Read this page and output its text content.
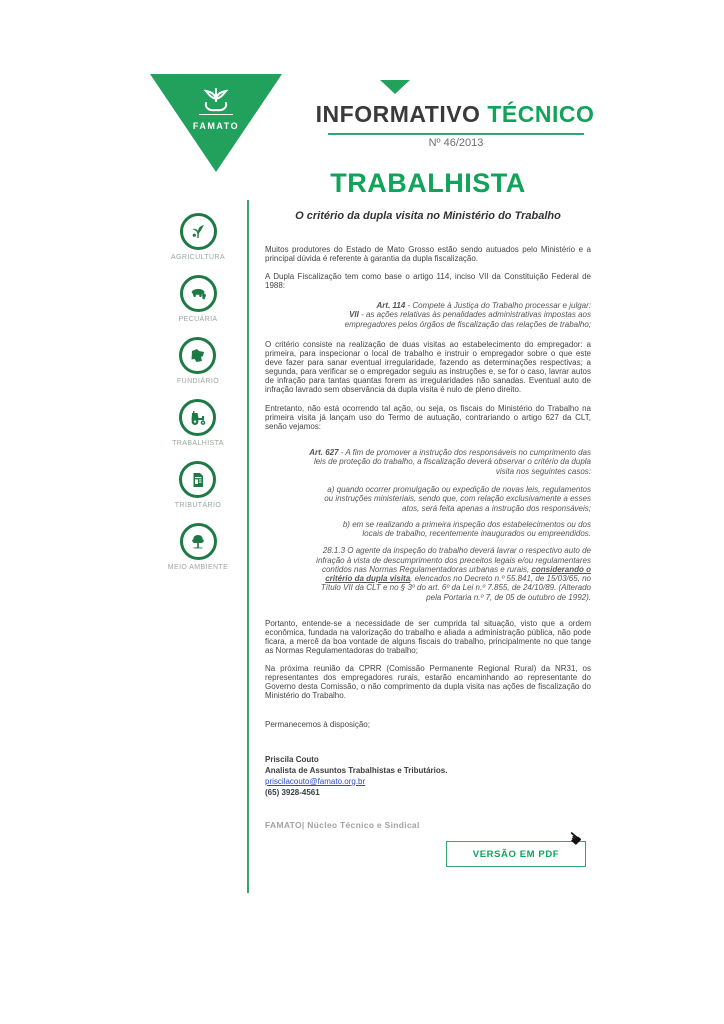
FAMATO	INFORMATIVO TÉCNICO
Nº 46/2013
TRABALHISTA
O critério da dupla visita no Ministério do Trabalho
AGRICULTURA
PECUÁRIA
FUNDIÁRIO
TRABALHISTA
TRIBUTÁRIO
MEIO AMBIENTE

Muitos produtores do Estado de Mato Grosso estão sendo autuados pelo Ministério e a principal dúvida é referente à garantia da dupla fiscalização.

A Dupla Fiscalização tem como base o artigo 114, inciso VII da Constituição Federal de 1988:

Art. 114 - Compete à Justiça do Trabalho processar e julgar:
VII - as ações relativas às penalidades administrativas impostas aos empregadores pelos órgãos de fiscalização das relações de trabalho;

O critério consiste na realização de duas visitas ao estabelecimento do empregador: a primeira, para inspecionar o local de trabalho e instruir o empregador sobre o que este deve fazer para sanar eventual irregularidade, fazendo as determinações respectivas; a segunda, para verificar se o empregador seguiu as instruções e, se for o caso, lavrar autos de infração para tantas quantas forem as irregularidades não sanadas. Eventual auto de infração lavrado sem observância da dupla visita é nulo de pleno direito.

Entretanto, não está ocorrendo tal ação, ou seja, os fiscais do Ministério do Trabalho na primeira visita já lançam uso do Termo de autuação, contrariando o artigo 627 da CLT, senão vejamos:

Art. 627 - A fim de promover a instrução dos responsáveis no cumprimento das leis de proteção do trabalho, a fiscalização deverá observar o critério da dupla visita nos seguintes casos:
a) quando ocorrer promulgação ou expedição de novas leis, regulamentos ou instruções ministeriais, sendo que, com relação exclusivamente a esses atos, será feita apenas a instrução dos responsáveis;
b) em se realizando a primeira inspeção dos estabelecimentos ou dos locais de trabalho, recentemente inaugurados ou empreendidos.
28.1.3 O agente da inspeção do trabalho deverá lavrar o respectivo auto de infração à vista de descumprimento dos preceitos legais e/ou regulamentares contidos nas Normas Regulamentadoras urbanas e rurais, considerando o critério da dupla visita, elencados no Decreto n.º 55.841, de 15/03/65, no Título VII da CLT e no § 3º do art. 6º da Lei n.º 7.855, de 24/10/89. (Alterado pela Portaria n.º 7, de 05 de outubro de 1992).

Portanto, entende-se a necessidade de ser cumprida tal situação, visto que a ordem econômica, fundada na valorização do trabalho e aliada a administração pública, não pode ficara, a mercê da boa vontade de alguns fiscais do trabalho, principalmente no que tange as Normas Regulamentadoras do trabalho;

Na próxima reunião da CPRR (Comissão Permanente Regional Rural) da NR31, os representantes dos empregadores rurais, estarão encaminhando ao representante do Governo desta Comissão, o não comprimento da dupla visita nas ações de fiscalização do Ministério do Trabalho.

Permanecemos à disposição;

Priscila Couto
Analista de Assuntos Trabalhistas e Tributários.
priscilacouto@famato.org.br
(65) 3928-4561
FAMATO| Núcleo Técnico e Sindical
VERSÃO EM PDF
☚
